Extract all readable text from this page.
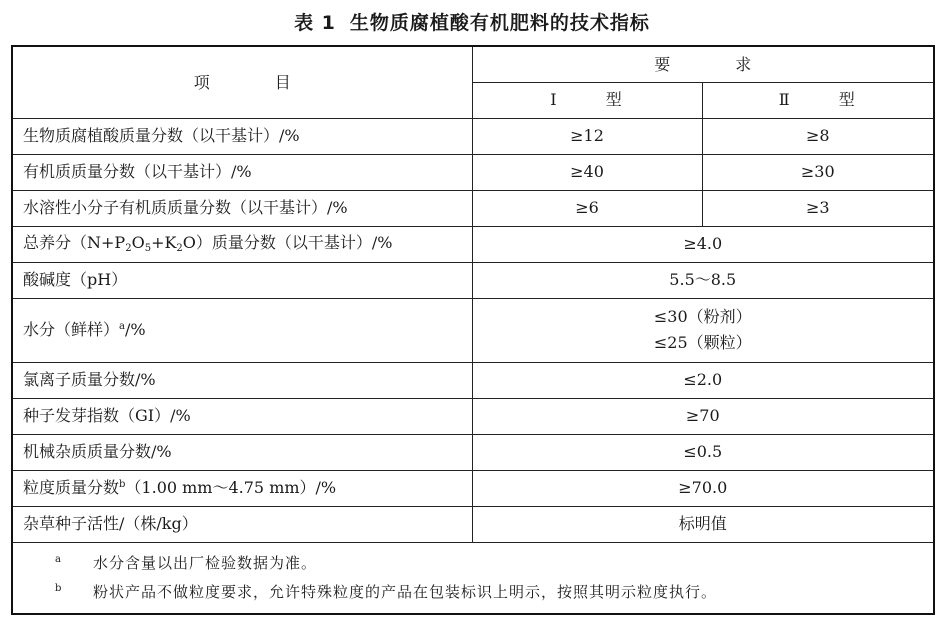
表 1 生物质腐植酸有机肥料的技术指标
项 目	要 求	
	Ⅰ 型	Ⅱ 型
生物质腐植酸质量分数（以干基计）/%	≥12	≥8
有机质质量分数（以干基计）/%	≥40	≥30
水溶性小分子有机质质量分数（以干基计）/%	≥6	≥3
总养分$(N+P_2O_5+K_2O)$质量分数（以干基计）/%	≥4.0	
酸碱度（pH）	5.5～8.5	
水分（鲜样）$^a$/%	≤30（粉剂）
≤25（颗粒）	

氯离子质量分数/%	≤2.0	
种子发芽指数（GI）/%	≥70	
机械杂质质量分数/%	≤0.5	
粒度质量分数$^b$（1.00 mm～4.75 mm）/%	≥70.0	
杂草种子活性/（株/kg）	标明值	

a 水分含量以出厂检验数据为准。
b 粉状产品不做粒度要求，允许特殊粒度的产品在包装标识上明示，按照其明示粒度执行。		
